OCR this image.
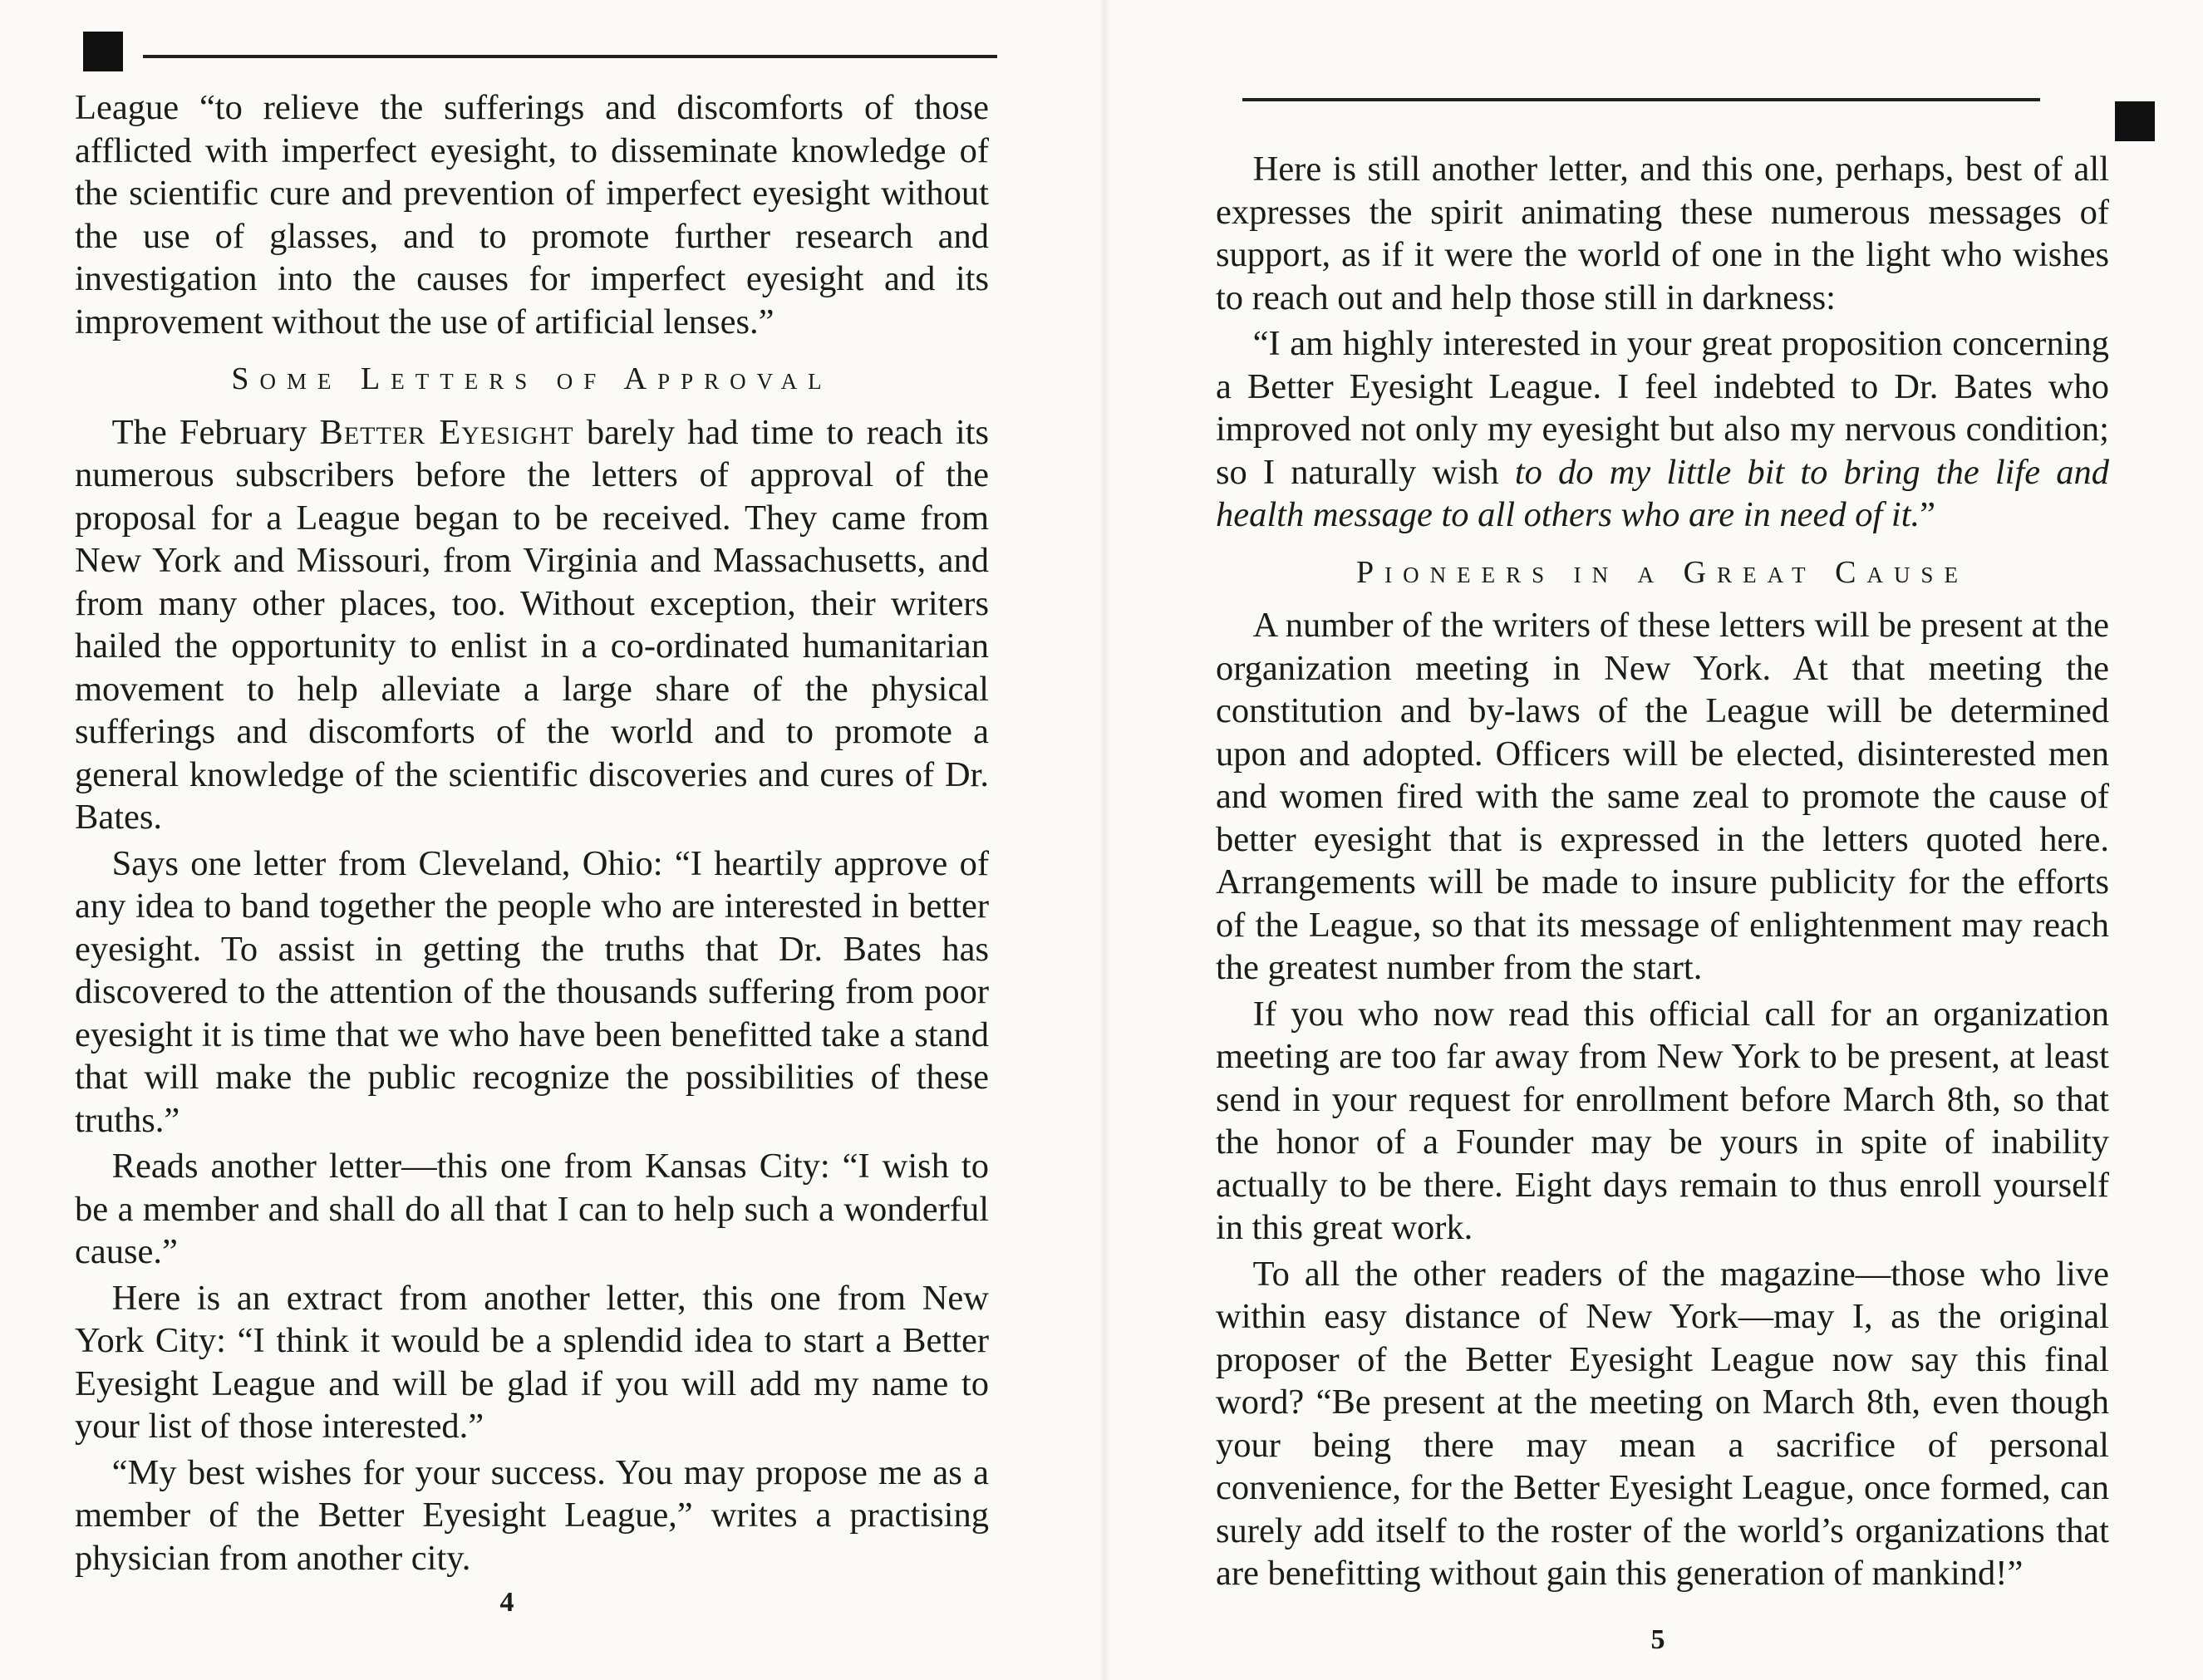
League “to relieve the sufferings and discomforts of those afflicted with imperfect eyesight, to disseminate knowledge of the scientific cure and prevention of imperfect eyesight without the use of glasses, and to promote further research and investigation into the causes for imperfect eyesight and its improvement without the use of artificial lenses.”

Some Letters of Approval

The February Better Eyesight barely had time to reach its numerous subscribers before the letters of approval of the proposal for a League began to be received. They came from New York and Missouri, from Virginia and Massachusetts, and from many other places, too. Without exception, their writers hailed the opportunity to enlist in a co-ordinated humanitarian movement to help alleviate a large share of the physical sufferings and discomforts of the world and to promote a general knowledge of the scientific discoveries and cures of Dr. Bates.

Says one letter from Cleveland, Ohio: “I heartily approve of any idea to band together the people who are interested in better eyesight. To assist in getting the truths that Dr. Bates has discovered to the attention of the thousands suffering from poor eyesight it is time that we who have been benefitted take a stand that will make the public recognize the possibilities of these truths.”

Reads another letter—this one from Kansas City: “I wish to be a member and shall do all that I can to help such a wonderful cause.”

Here is an extract from another letter, this one from New York City: “I think it would be a splendid idea to start a Better Eyesight League and will be glad if you will add my name to your list of those interested.”

“My best wishes for your success. You may propose me as a member of the Better Eyesight League,” writes a practising physician from another city.

4

Here is still another letter, and this one, perhaps, best of all expresses the spirit animating these numerous messages of support, as if it were the world of one in the light who wishes to reach out and help those still in darkness:

“I am highly interested in your great proposition concerning a Better Eyesight League. I feel indebted to Dr. Bates who improved not only my eyesight but also my nervous condition; so I naturally wish to do my little bit to bring the life and health message to all others who are in need of it.”

Pioneers in a Great Cause

A number of the writers of these letters will be present at the organization meeting in New York. At that meeting the constitution and by-laws of the League will be determined upon and adopted. Officers will be elected, disinterested men and women fired with the same zeal to promote the cause of better eyesight that is expressed in the letters quoted here. Arrangements will be made to insure publicity for the efforts of the League, so that its message of enlightenment may reach the greatest number from the start.

If you who now read this official call for an organization meeting are too far away from New York to be present, at least send in your request for enrollment before March 8th, so that the honor of a Founder may be yours in spite of inability actually to be there. Eight days remain to thus enroll yourself in this great work.

To all the other readers of the magazine—those who live within easy distance of New York—may I, as the original proposer of the Better Eyesight League now say this final word? “Be present at the meeting on March 8th, even though your being there may mean a sacrifice of personal convenience, for the Better Eyesight League, once formed, can surely add itself to the roster of the world’s organizations that are benefitting without gain this generation of mankind!”

5
